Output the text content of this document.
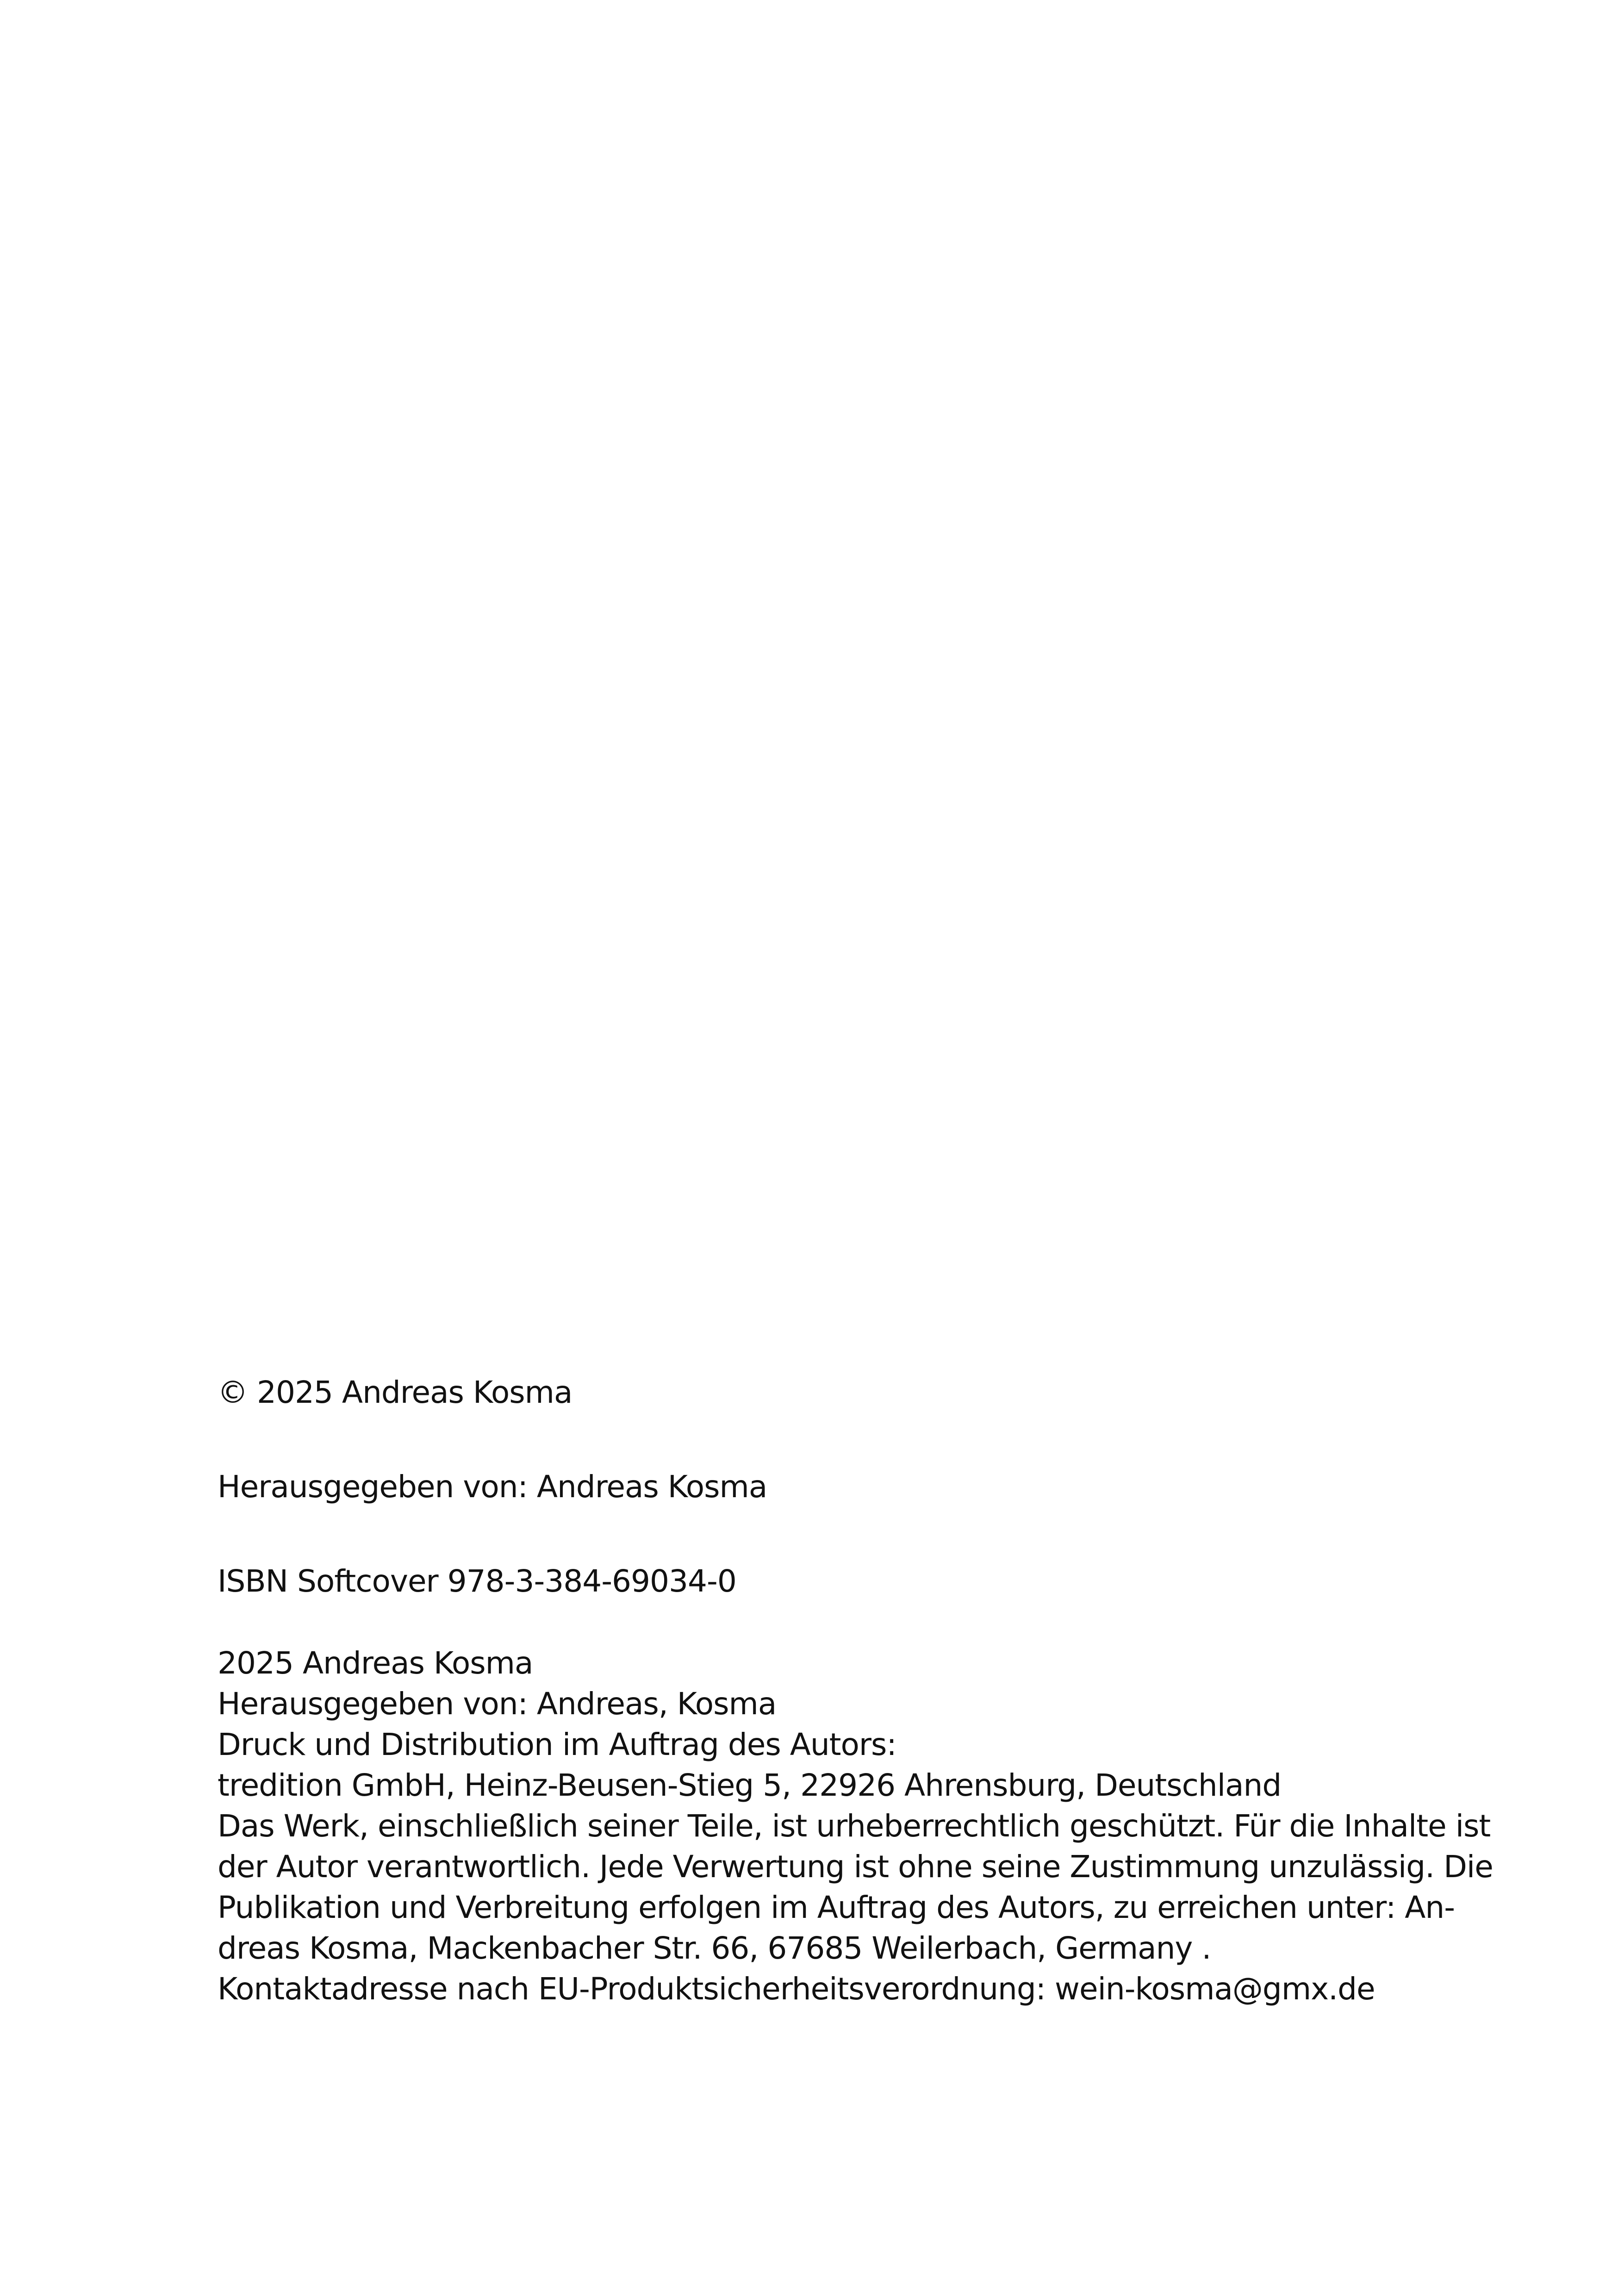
© 2025 Andreas Kosma
Herausgegeben von: Andreas Kosma
ISBN Softcover 978-3-384-69034-0
2025 Andreas Kosma
Herausgegeben von: Andreas, Kosma
Druck und Distribution im Auftrag des Autors:
tredition GmbH, Heinz-Beusen-Stieg 5, 22926 Ahrensburg, Deutschland
Das Werk, einschließlich seiner Teile, ist urheberrechtlich geschützt. Für die Inhalte ist
der Autor verantwortlich. Jede Verwertung ist ohne seine Zustimmung unzulässig. Die
Publikation und Verbreitung erfolgen im Auftrag des Autors, zu erreichen unter: An-
dreas Kosma, Mackenbacher Str. 66, 67685 Weilerbach, Germany .
Kontaktadresse nach EU-Produktsicherheitsverordnung: wein-kosma@gmx.de
